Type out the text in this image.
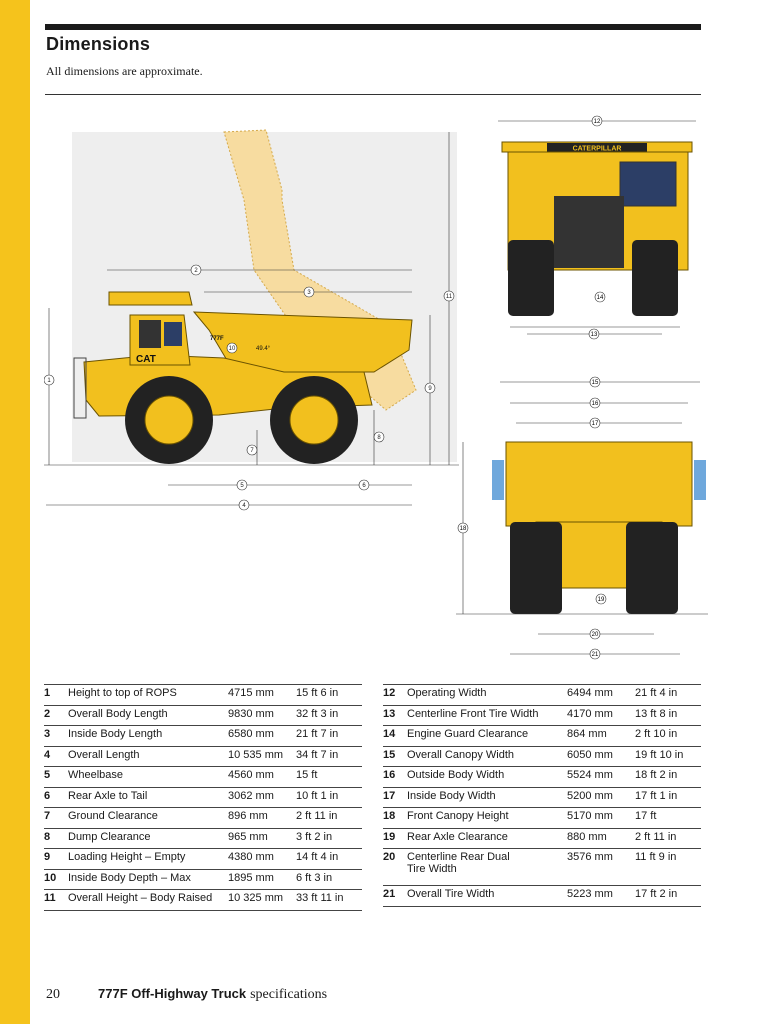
Dimensions
All dimensions are approximate.
CAT
777F
49.4°
2
3
1
4
5	6
7
8
9
10
11
12
CATERPILLAR
14
13
15
16
17
18
19
20
21
1	Height to top of ROPS	4715 mm	15 ft 6 in
2	Overall Body Length	9830 mm	32 ft 3 in
3	Inside Body Length	6580 mm	21 ft 7 in
4	Overall Length	10 535 mm	34 ft 7 in
5	Wheelbase	4560 mm	15 ft
6	Rear Axle to Tail	3062 mm	10 ft 1 in
7	Ground Clearance	896 mm	2 ft 11 in
8	Dump Clearance	965 mm	3 ft 2 in
9	Loading Height – Empty	4380 mm	14 ft 4 in
10	Inside Body Depth – Max	1895 mm	6 ft 3 in
11	Overall Height – Body Raised	10 325 mm	33 ft 11 in
12	Operating Width	6494 mm	21 ft 4 in
13	Centerline Front Tire Width	4170 mm	13 ft 8 in
14	Engine Guard Clearance	864 mm	2 ft 10 in
15	Overall Canopy Width	6050 mm	19 ft 10 in
16	Outside Body Width	5524 mm	18 ft 2 in
17	Inside Body Width	5200 mm	17 ft 1 in
18	Front Canopy Height	5170 mm	17 ft
19	Rear Axle Clearance	880 mm	2 ft 11 in
20	Centerline Rear Dual
Tire Width	3576 mm	11 ft 9 in
21	Overall Tire Width	5223 mm	17 ft 2 in
20	777F Off-Highway Truck specifications
